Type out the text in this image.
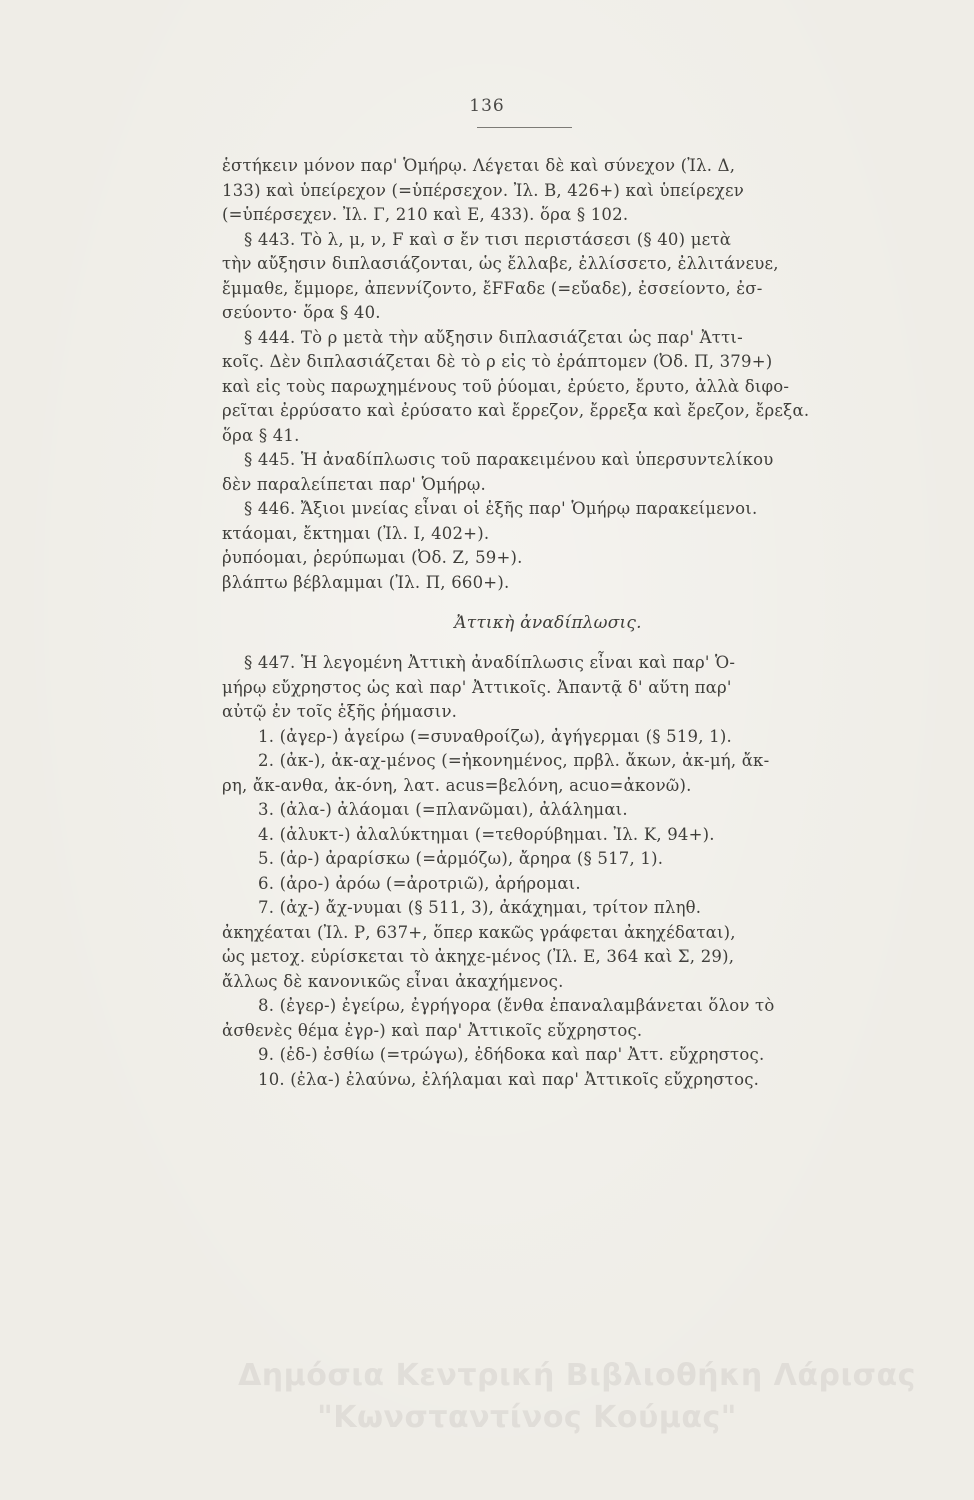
136
ἑστήκειν μόνον παρ' Ὁμήρῳ. Λέγεται δὲ καὶ σύνεχον (Ἰλ. Δ,
133) καὶ ὑπείρεχον (=ὑπέρσεχον. Ἰλ. Β, 426+) καὶ ὑπείρεχεν
(=ὑπέρσεχεν. Ἰλ. Γ, 210 καὶ Ε, 433). ὅρα § 102.
§ 443. Τὸ λ, μ, ν, F καὶ σ ἔν τισι περιστάσεσι (§ 40) μετὰ
τὴν αὔξησιν διπλασιάζονται, ὡς ἔλλαβε, ἐλλίσσετο, ἐλλιτάνευε,
ἔμμαθε, ἔμμορε, ἀπεννίζοντο, ἔFFαδε (=εὔαδε), ἐσσείοντο, ἐσ-
σεύοντο· ὅρα § 40.
§ 444. Τὸ ρ μετὰ τὴν αὔξησιν διπλασιάζεται ὡς παρ' Ἀττι-
κοῖς. Δὲν διπλασιάζεται δὲ τὸ ρ εἰς τὸ ἐράπτομεν (Ὀδ. Π, 379+)
καὶ εἰς τοὺς παρωχημένους τοῦ ῥύομαι, ἐρύετο, ἔρυτο, ἀλλὰ διφο-
ρεῖται ἐρρύσατο καὶ ἐρύσατο καὶ ἔρρεζον, ἔρρεξα καὶ ἔρεζον, ἔρεξα.
ὅρα § 41.
§ 445. Ἡ ἀναδίπλωσις τοῦ παρακειμένου καὶ ὑπερσυντελίκου
δὲν παραλείπεται παρ' Ὁμήρῳ.
§ 446. Ἄξιοι μνείας εἶναι οἱ ἑξῆς παρ' Ὁμήρῳ παρακείμενοι.
κτάομαι, ἔκτημαι (Ἰλ. Ι, 402+).
ῥυπόομαι, ῥερύπωμαι (Ὀδ. Ζ, 59+).
βλάπτω βέβλαμμαι (Ἰλ. Π, 660+).
Ἀττικὴ ἀναδίπλωσις.
§ 447. Ἡ λεγομένη Ἀττικὴ ἀναδίπλωσις εἶναι καὶ παρ' Ὁ-
μήρῳ εὔχρηστος ὡς καὶ παρ' Ἀττικοῖς. Ἀπαντᾷ δ' αὕτη παρ'
αὐτῷ ἐν τοῖς ἑξῆς ῥήμασιν.
1. (ἀγερ-) ἀγείρω (=συναθροίζω), ἀγήγερμαι (§ 519, 1).
2. (ἀκ-), ἀκ-αχ-μένος (=ἠκονημένος, πρβλ. ἄκων, ἀκ-μή, ἄκ-
ρη, ἄκ-ανθα, ἀκ-όνη, λατ. acus=βελόνη, acuo=ἀκονῶ).
3. (ἀλα-) ἀλάομαι (=πλανῶμαι), ἀλάλημαι.
4. (ἀλυκτ-) ἀλαλύκτημαι (=τεθορύβημαι. Ἰλ. Κ, 94+).
5. (ἀρ-) ἀραρίσκω (=ἁρμόζω), ἄρηρα (§ 517, 1).
6. (ἀρο-) ἀρόω (=ἀροτριῶ), ἀρήρομαι.
7. (ἀχ-) ἄχ-νυμαι (§ 511, 3), ἀκάχημαι, τρίτον πληθ.
ἀκηχέαται (Ἰλ. Ρ, 637+, ὅπερ κακῶς γράφεται ἀκηχέδαται),
ὡς μετοχ. εὑρίσκεται τὸ ἀκηχε-μένος (Ἰλ. Ε, 364 καὶ Σ, 29),
ἄλλως δὲ κανονικῶς εἶναι ἀκαχήμενος.
8. (ἐγερ-) ἐγείρω, ἐγρήγορα (ἔνθα ἐπαναλαμβάνεται ὅλον τὸ
ἀσθενὲς θέμα ἐγρ-) καὶ παρ' Ἀττικοῖς εὔχρηστος.
9. (ἐδ-) ἐσθίω (=τρώγω), ἐδήδοκα καὶ παρ' Ἀττ. εὔχρηστος.
10. (ἐλα-) ἐλαύνω, ἐλήλαμαι καὶ παρ' Ἀττικοῖς εὔχρηστος.
Δημόσια Κεντρική Βιβλιοθήκη Λάρισας
"Κωνσταντίνος Κούμας"
